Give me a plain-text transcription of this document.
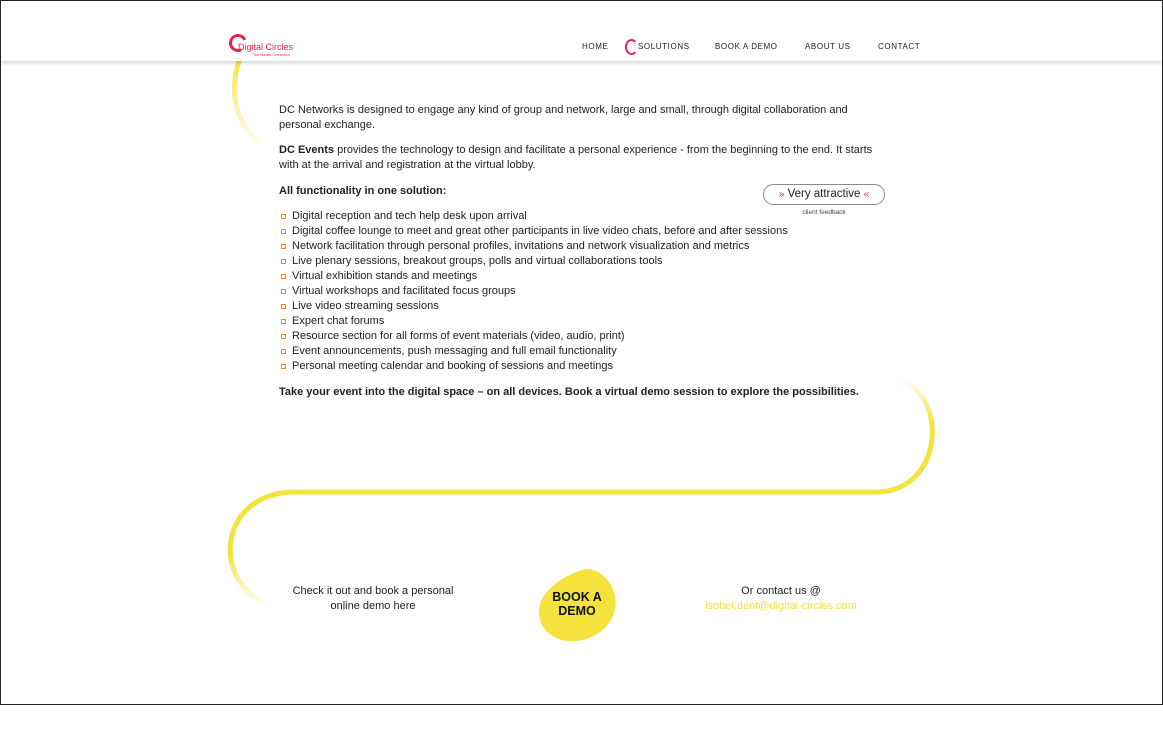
Digital Circles
The Human Connection
HOME	SOLUTIONS	BOOK A DEMO	ABOUT US	CONTACT

DC Networks is designed to engage any kind of group and network, large and small, through digital collaboration and personal exchange.

DC Events provides the technology to design and facilitate a personal experience - from the beginning to the end. It starts with at the arrival and registration at the virtual lobby.

All functionality in one solution:
Digital reception and tech help desk upon arrival
Digital coffee lounge to meet and great other participants in live video chats, before and after sessions
Network facilitation through personal profiles, invitations and network visualization and metrics
Live plenary sessions, breakout groups, polls and virtual collaborations tools
Virtual exhibition stands and meetings
Virtual workshops and facilitated focus groups
Live video streaming sessions
Expert chat forums
Resource section for all forms of event materials (video, audio, print)
Event announcements, push messaging and full email functionality
Personal meeting calendar and booking of sessions and meetings
Take your event into the digital space – on all devices. Book a virtual demo session to explore the possibilities.
» Very attractive «
client feedback
Check it out and book a personal
online demo here
BOOK A
DEMO
Or contact us @
isobel.dent@digital-circles.com
